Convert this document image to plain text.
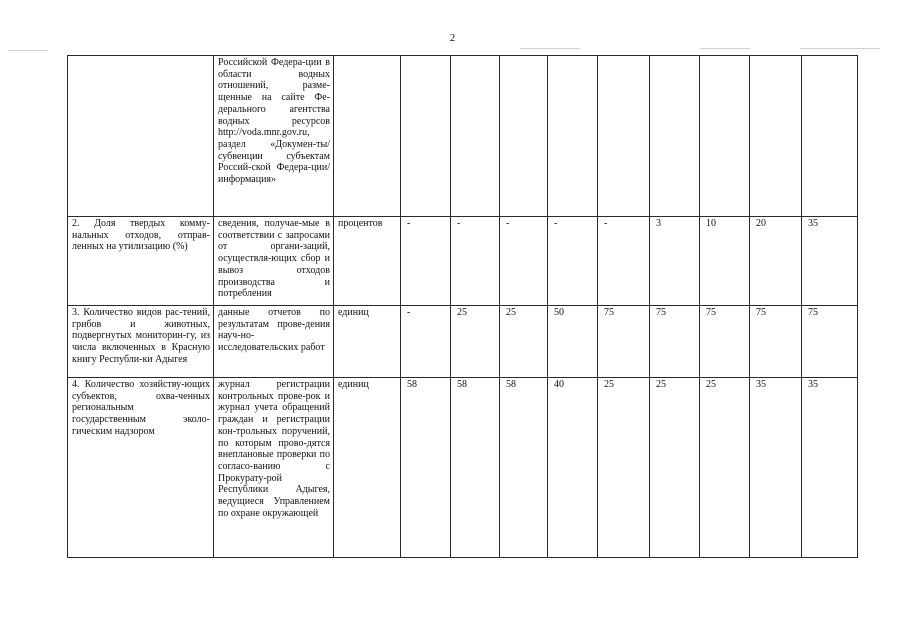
2
	Российской Федера-ции в области водных отношений, разме-щенные на сайте Фе-дерального агентства водных ресурсов http://voda.mnr.gov.ru, раздел «Докумен-ты/субвенции субъектам Россий-ской Федера-ции/информация»										
2. Доля твердых комму-нальных отходов, отправ-ленных на утилизацию (%)	сведения, получае-мые в соответствии с запросами от органи-заций, осуществля-ющих сбор и вывоз отходов производства и потребления	процентов	-	-	-	-	-	3	10	20	35
3. Количество видов рас-тений, грибов и животных, подвергнутых мониторин-гу, из числа включенных в Красную книгу Республи-ки Адыгея	данные отчетов по результатам прове-дения науч-но-исследовательских работ	единиц	-	25	25	50	75	75	75	75	75
4. Количество хозяйству-ющих субъектов, охва-ченных региональным государственным эколо-гическим надзором	журнал регистрации контрольных прове-рок и журнал учета обращений граждан и регистрации кон-трольных поручений, по которым прово-дятся внеплановые проверки по согласо-ванию с Прокурату-рой Республики Адыгея, ведущиеся Управлением по охране окружающей	единиц	58	58	58	40	25	25	25	35	35
